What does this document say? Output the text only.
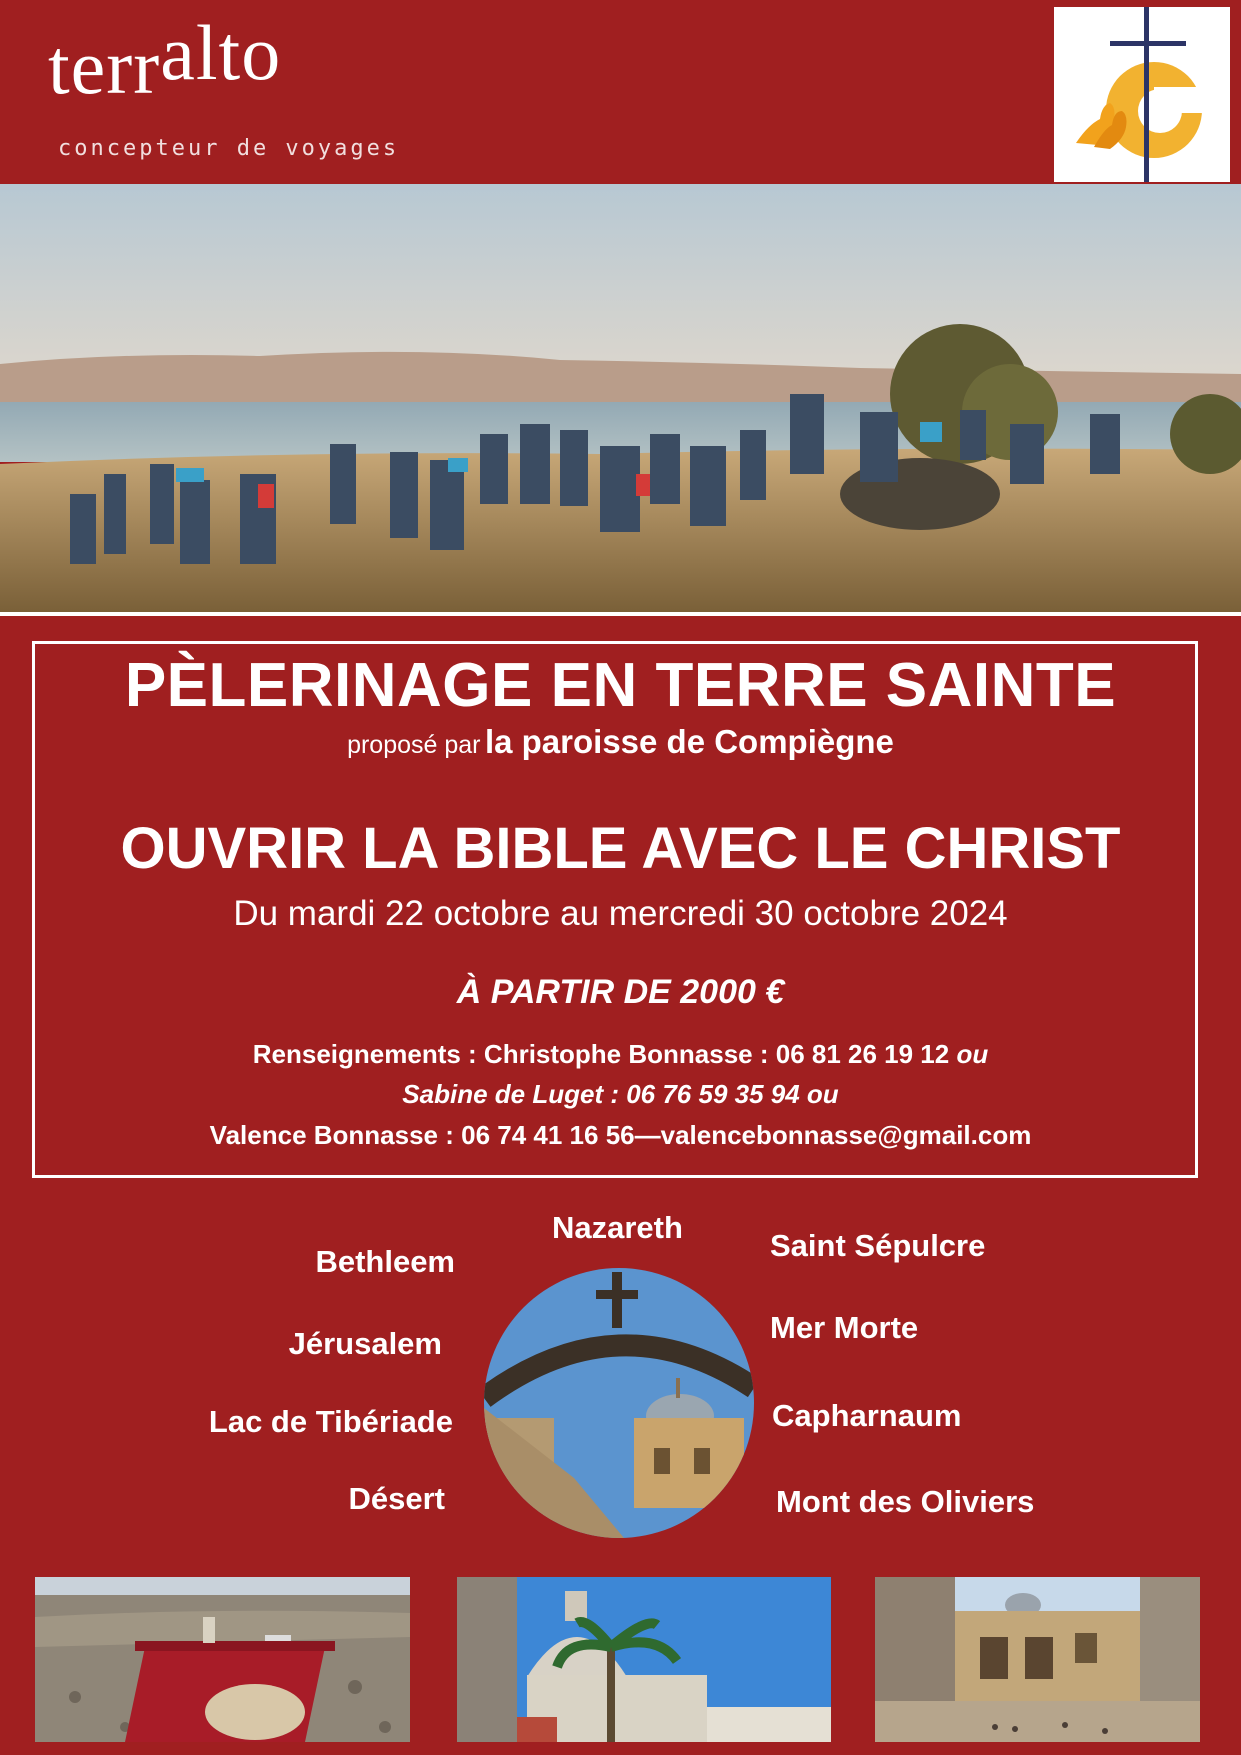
terralto
concepteur de voyages
PÈLERINAGE EN TERRE SAINTE
proposé par la paroisse de Compiègne
OUVRIR LA BIBLE AVEC LE CHRIST
Du mardi 22 octobre au mercredi 30 octobre 2024
À PARTIR DE 2000 €
Renseignements : Christophe Bonnasse : 06 81 26 19 12 ou
Sabine de Luget : 06 76 59 35 94 ou
Valence Bonnasse : 06 74 41 16 56—valencebonnasse@gmail.com
Nazareth
Bethleem
Jérusalem
Lac de Tibériade
Désert
Saint Sépulcre
Mer Morte
Capharnaum
Mont des Oliviers
